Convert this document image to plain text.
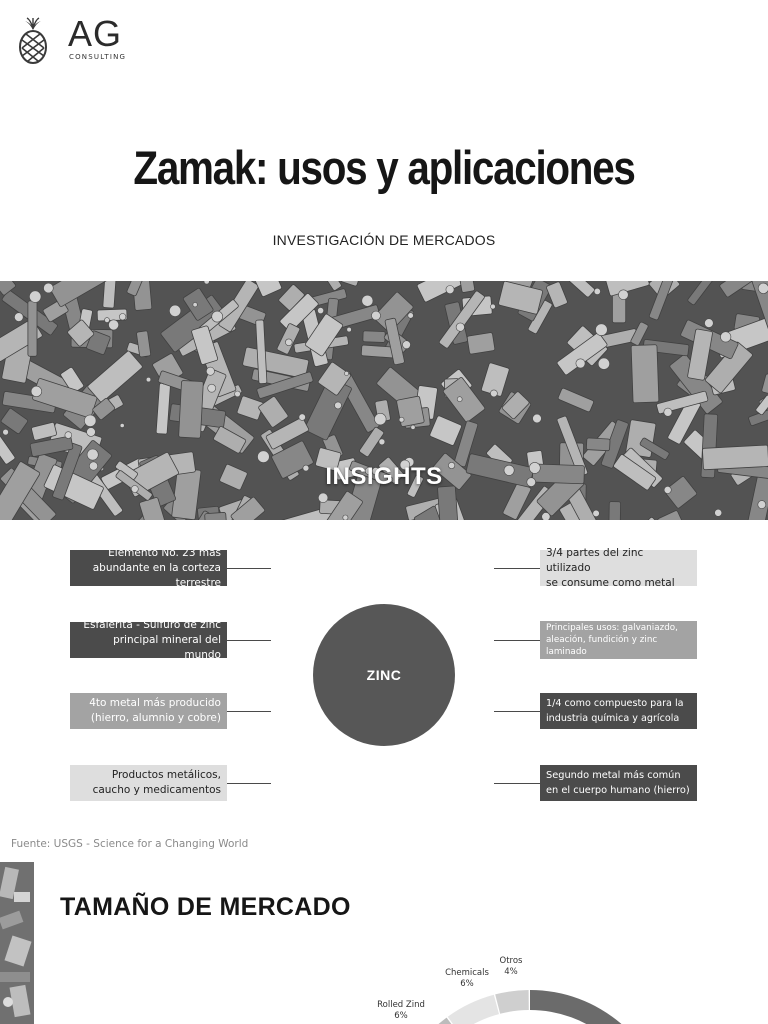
AG
CONSULTING
Zamak: usos y aplicaciones
INVESTIGACIÓN DE MERCADOS
INSIGHTS
Elemento No. 23 más
abundante en la corteza terrestre
Esfalerita - Sulfuro de zinc
principal mineral del mundo
4to metal más producido
(hierro, alumnio y cobre)
Productos metálicos,
caucho y medicamentos
ZINC
3/4 partes del zinc utilizado
se consume como metal
Principales usos: galvaniazdo,
aleación, fundición y zinc
laminado
1/4 como compuesto para la
industria química y agrícola
Segundo metal más común
en el cuerpo humano (hierro)
Fuente: USGS - Science for a Changing World
TAMAÑO DE MERCADO
Otros
4%
Chemicals
6%
Rolled Zind
6%
